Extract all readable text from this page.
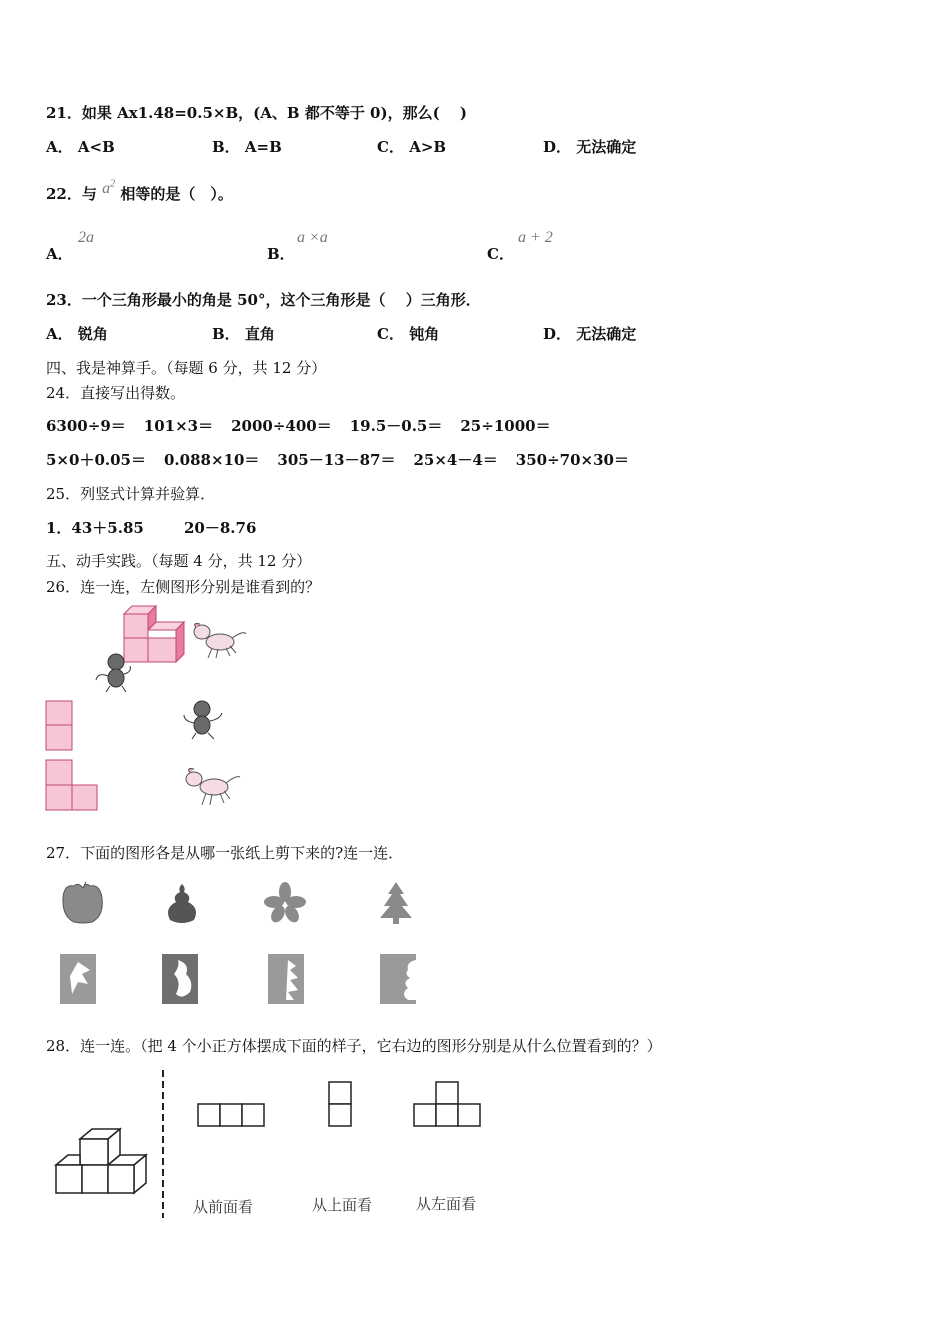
21．如果 Ax1.48=0.5×B，(A、B 都不等于 0)，那么(　 )
A． A<B	B． A=B	C． A>B	D． 无法确定
22．与 $a^2$ 相等的是（　）。
A．
2a
B．
a ×a
C．
a + 2
23．一个三角形最小的角是 50°，这个三角形是（　 ）三角形．
A． 锐角	B． 直角	C． 钝角	D． 无法确定
四、我是神算手。（每题 6 分，共 12 分）
24．直接写出得数。
6300÷9＝ 101×3＝ 2000÷400＝ 19.5－0.5＝ 25÷1000＝
5×0＋0.05＝ 0.088×10＝ 305－13－87＝ 25×4－4＝ 350÷70×30＝
25．列竖式计算并验算．
1．43＋5.85	20－8.76
五、动手实践。（每题 4 分，共 12 分）
26．连一连，左侧图形分别是谁看到的？
27．下面的图形各是从哪一张纸上剪下来的?连一连．
28．连一连。（把 4 个小正方体摆成下面的样子，它右边的图形分别是从什么位置看到的？）
从前面看	从上面看	从左面看
